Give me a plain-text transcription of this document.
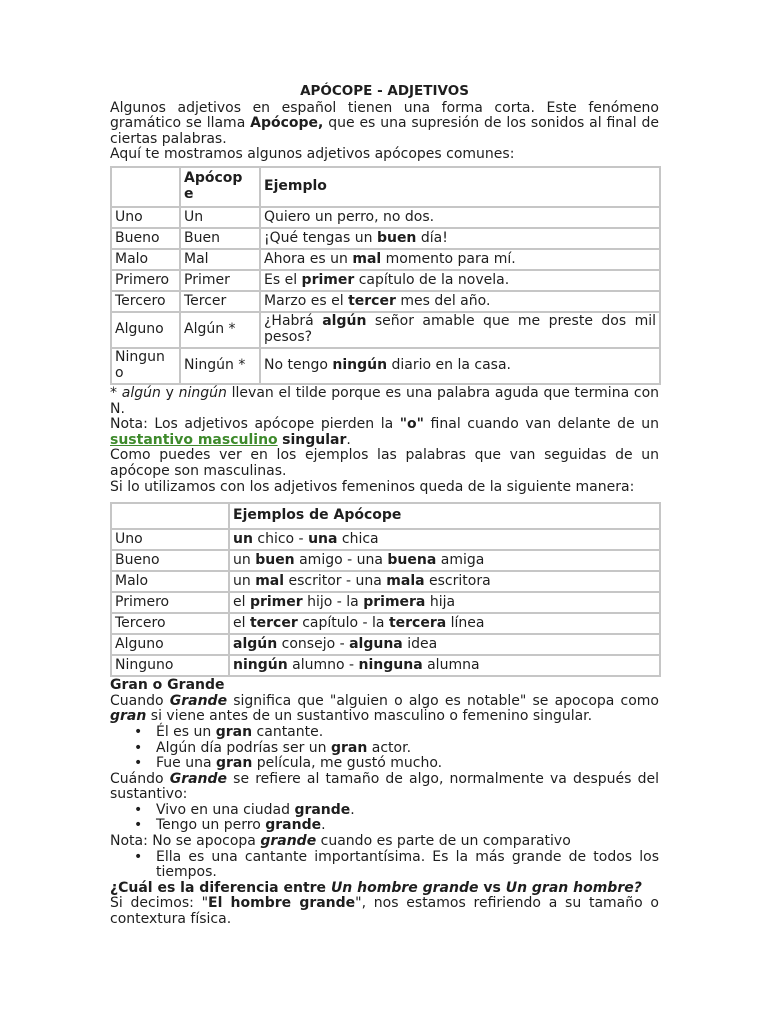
APÓCOPE - ADJETIVOS

Algunos adjetivos en español tienen una forma corta. Este fenómeno gramático se llama Apócope, que es una supresión de los sonidos al final de ciertas palabras.

Aquí te mostramos algunos adjetivos apócopes comunes:

	Apócop e	Ejemplo
Uno	Un	Quiero un perro, no dos.
Bueno	Buen	¡Qué tengas un buen día!
Malo	Mal	Ahora es un mal momento para mí.
Primero	Primer	Es el primer capítulo de la novela.
Tercero	Tercer	Marzo es el tercer mes del año.
Alguno	Algún *	¿Habrá algún señor amable que me preste dos mil pesos?
Ningun o	Ningún *	No tengo ningún diario en la casa.

* algún y ningún llevan el tilde porque es una palabra aguda que termina con N.

Nota: Los adjetivos apócope pierden la "o" final cuando van delante de un sustantivo masculino singular.

Como puedes ver en los ejemplos las palabras que van seguidas de un apócope son masculinas.

Si lo utilizamos con los adjetivos femeninos queda de la siguiente manera:

	Ejemplos de Apócope
Uno	un chico - una chica
Bueno	un buen amigo - una buena amiga
Malo	un mal escritor - una mala escritora
Primero	el primer hijo - la primera hija
Tercero	el tercer capítulo - la tercera línea
Alguno	algún consejo - alguna idea
Ninguno	ningún alumno - ninguna alumna
Gran o Grande

Cuando Grande significa que "alguien o algo es notable" se apocopa como gran si viene antes de un sustantivo masculino o femenino singular.

• Él es un gran cantante.
• Algún día podrías ser un gran actor.
• Fue una gran película, me gustó mucho.

Cuándo Grande se refiere al tamaño de algo, normalmente va después del sustantivo:

• Vivo en una ciudad grande.
• Tengo un perro grande.

Nota: No se apocopa grande cuando es parte de un comparativo

• Ella es una cantante importantísima. Es la más grande de todos los tiempos.

¿Cuál es la diferencia entre Un hombre grande vs Un gran hombre?

Si decimos: "El hombre grande", nos estamos refiriendo a su tamaño o contextura física.
